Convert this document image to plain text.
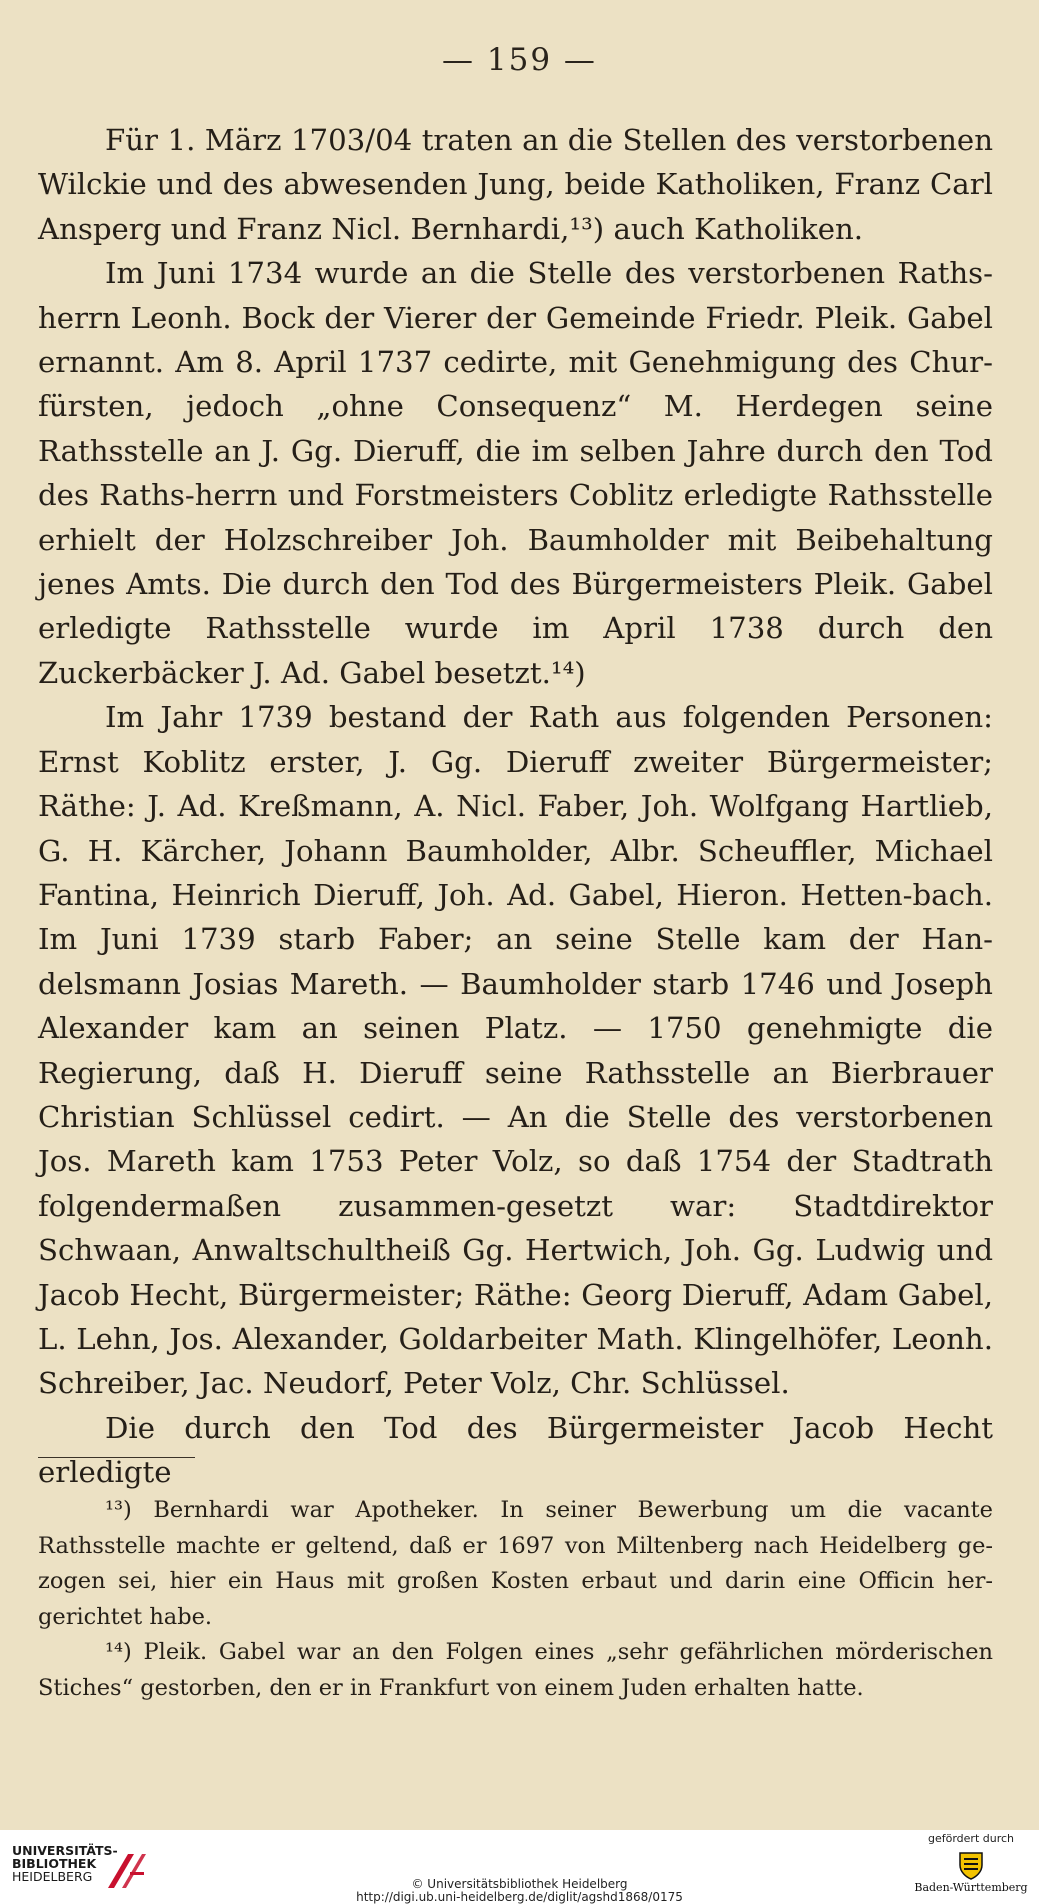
— 159 —

Für 1. März 1703/04 traten an die Stellen des verstorbenen Wilckie und des abwesenden Jung, beide Katholiken, Franz Carl Ansperg und Franz Nicl. Bernhardi,¹³) auch Katholiken.

Im Juni 1734 wurde an die Stelle des verstorbenen Raths-herrn Leonh. Bock der Vierer der Gemeinde Friedr. Pleik. Gabel ernannt. Am 8. April 1737 cedirte, mit Genehmigung des Chur-fürsten, jedoch „ohne Consequenz“ M. Herdegen seine Rathsstelle an J. Gg. Dieruff, die im selben Jahre durch den Tod des Raths-herrn und Forstmeisters Coblitz erledigte Rathsstelle erhielt der Holzschreiber Joh. Baumholder mit Beibehaltung jenes Amts. Die durch den Tod des Bürgermeisters Pleik. Gabel erledigte Rathsstelle wurde im April 1738 durch den Zuckerbäcker J. Ad. Gabel besetzt.¹⁴)

Im Jahr 1739 bestand der Rath aus folgenden Personen: Ernst Koblitz erster, J. Gg. Dieruff zweiter Bürgermeister; Räthe: J. Ad. Kreßmann, A. Nicl. Faber, Joh. Wolfgang Hartlieb, G. H. Kärcher, Johann Baumholder, Albr. Scheuffler, Michael Fantina, Heinrich Dieruff, Joh. Ad. Gabel, Hieron. Hetten-bach. Im Juni 1739 starb Faber; an seine Stelle kam der Han-delsmann Josias Mareth. — Baumholder starb 1746 und Joseph Alexander kam an seinen Platz. — 1750 genehmigte die Regierung, daß H. Dieruff seine Rathsstelle an Bierbrauer Christian Schlüssel cedirt. — An die Stelle des verstorbenen Jos. Mareth kam 1753 Peter Volz, so daß 1754 der Stadtrath folgendermaßen zusammen-gesetzt war: Stadtdirektor Schwaan, Anwaltschultheiß Gg. Hertwich, Joh. Gg. Ludwig und Jacob Hecht, Bürgermeister; Räthe: Georg Dieruff, Adam Gabel, L. Lehn, Jos. Alexander, Goldarbeiter Math. Klingelhöfer, Leonh. Schreiber, Jac. Neudorf, Peter Volz, Chr. Schlüssel.

Die durch den Tod des Bürgermeister Jacob Hecht erledigte

¹³) Bernhardi war Apotheker. In seiner Bewerbung um die vacante Rathsstelle machte er geltend, daß er 1697 von Miltenberg nach Heidelberg ge-zogen sei, hier ein Haus mit großen Kosten erbaut und darin eine Officin her-gerichtet habe.

¹⁴) Pleik. Gabel war an den Folgen eines „sehr gefährlichen mörderischen Stiches“ gestorben, den er in Frankfurt von einem Juden erhalten hatte.

UNIVERSITÄTS-
BIBLIOTHEK
HEIDELBERG	© Universitätsbibliothek Heidelberg
http://digi.ub.uni-heidelberg.de/diglit/agshd1868/0175
gefördert durch
Baden-Württemberg
